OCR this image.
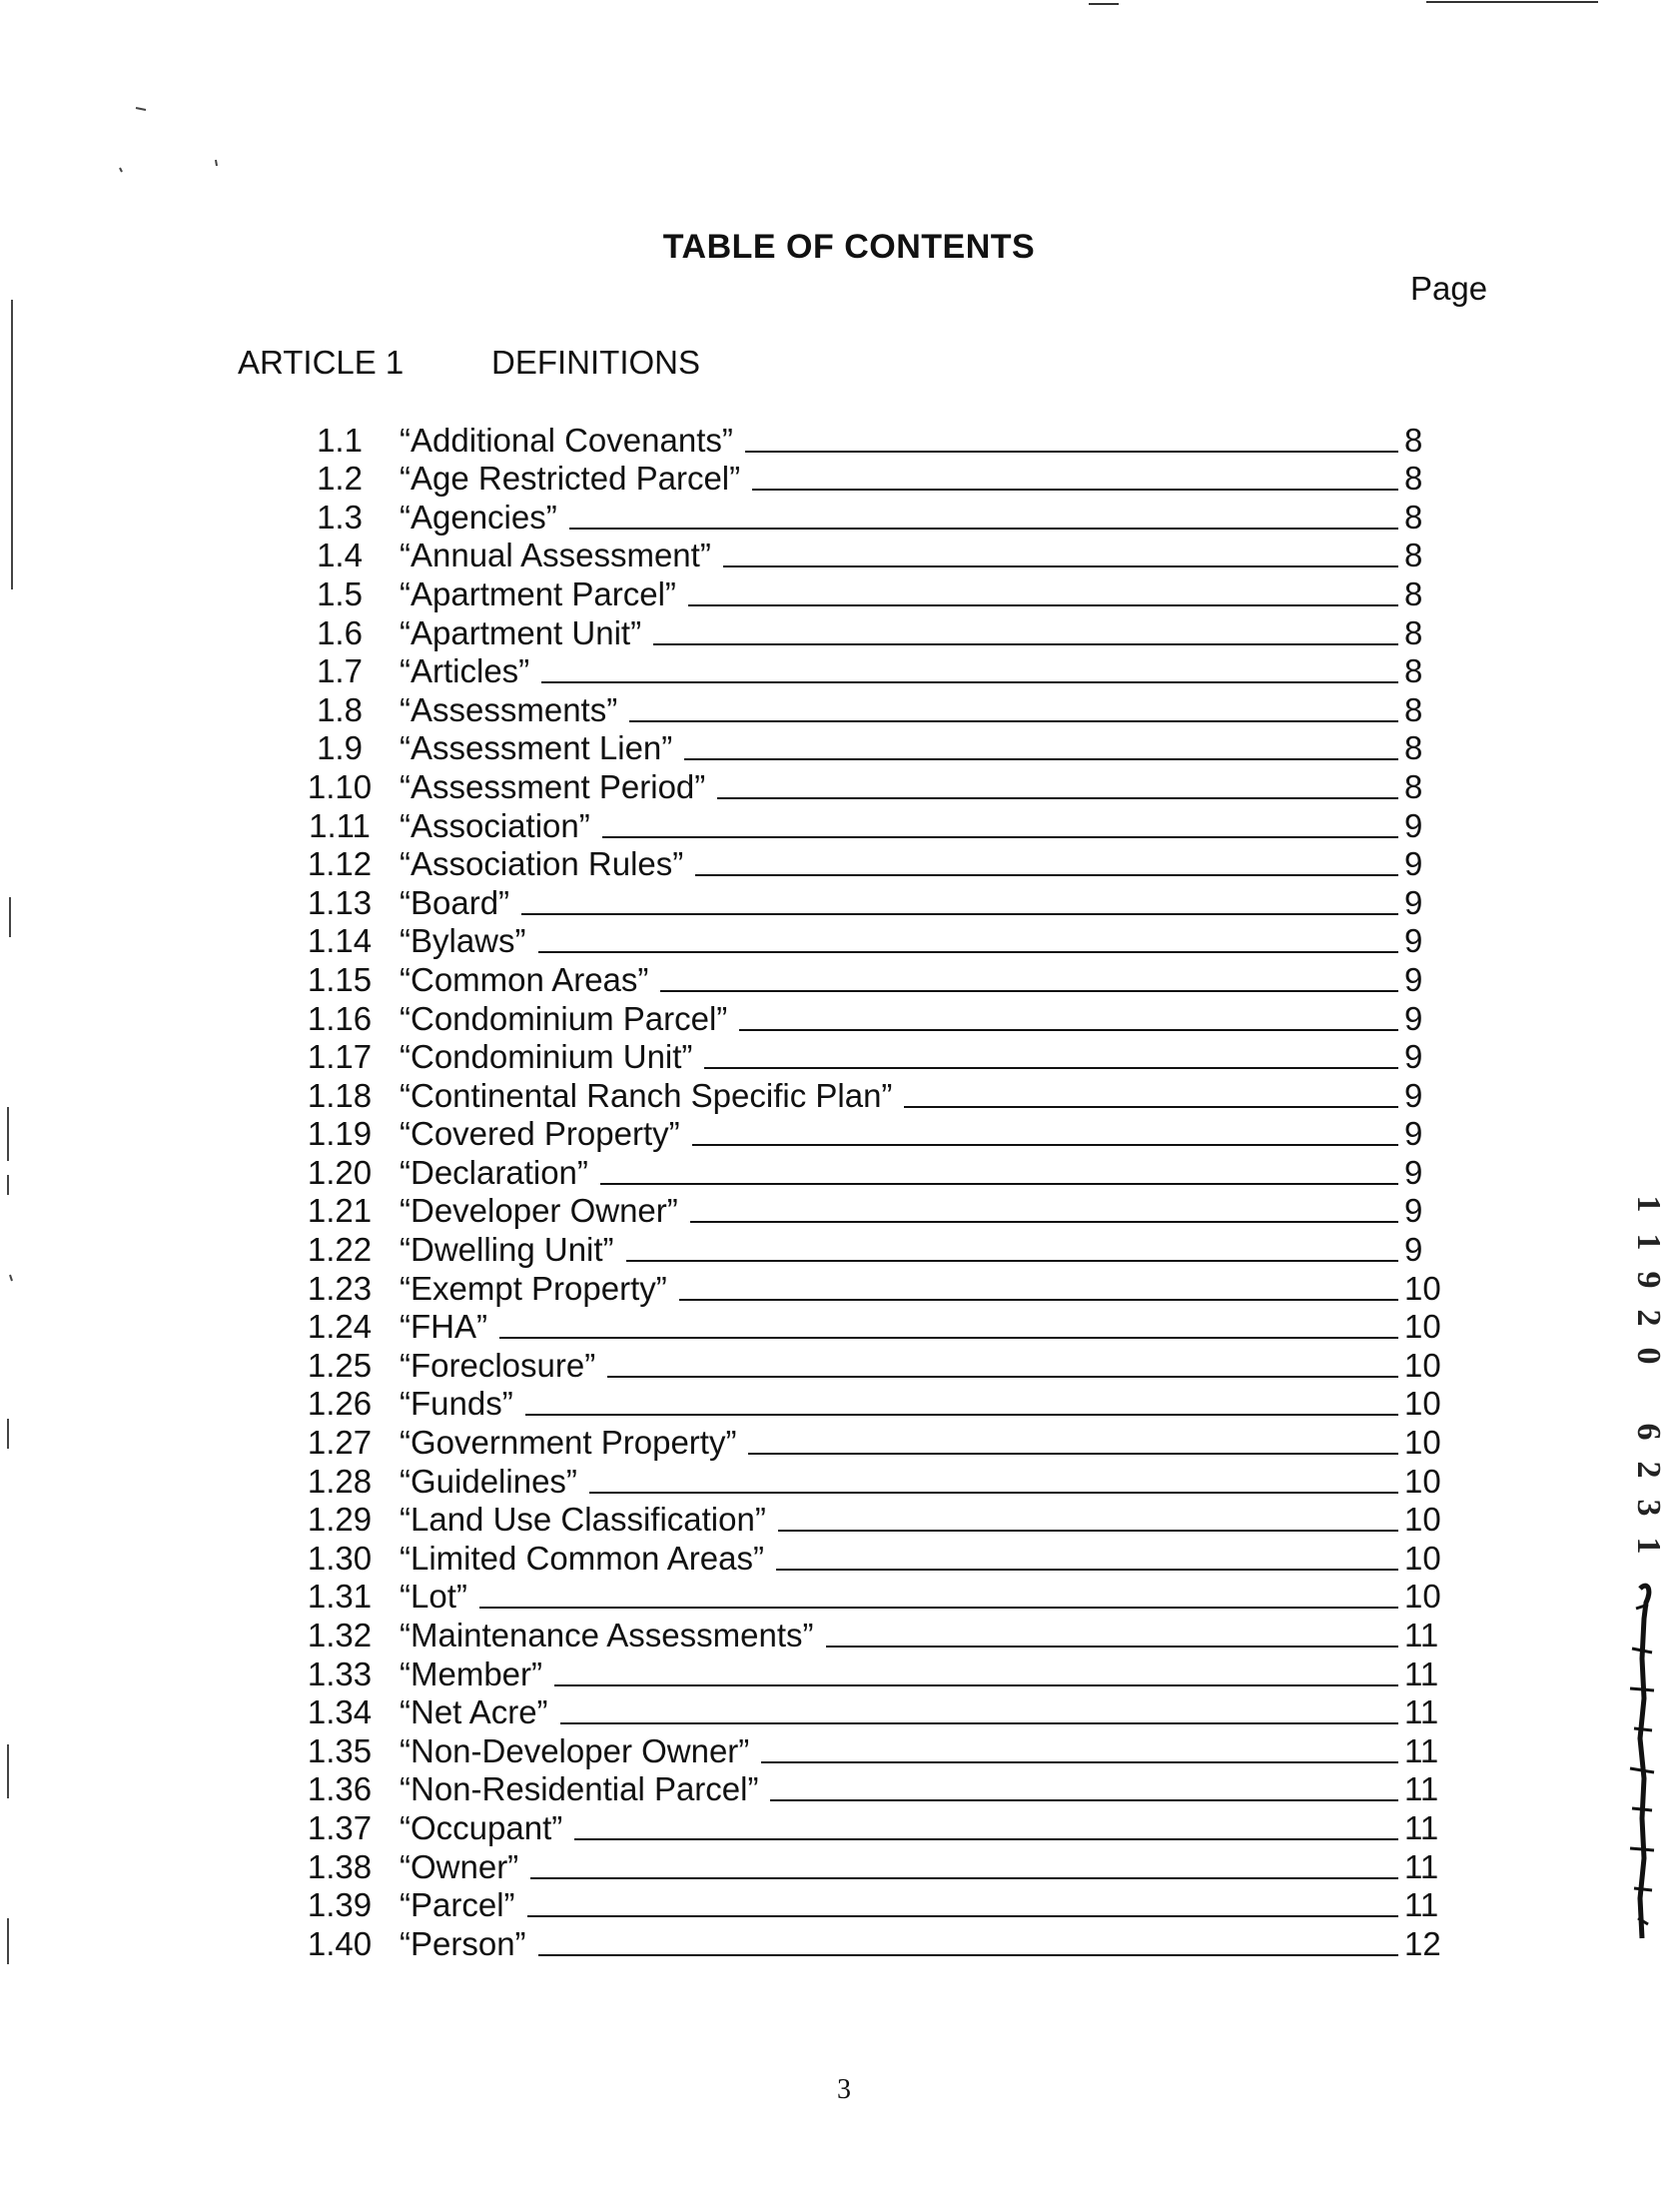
TABLE OF CONTENTS
Page
ARTICLE 1	DEFINITIONS
1.1	“Additional Covenants”	8
1.2	“Age Restricted Parcel”	8
1.3	“Agencies”	8
1.4	“Annual Assessment”	8
1.5	“Apartment Parcel”	8
1.6	“Apartment Unit”	8
1.7	“Articles”	8
1.8	“Assessments”	8
1.9	“Assessment Lien”	8
1.10 “Assessment Period”	8
1.11 “Association”	9
1.12 “Association Rules”	9
1.13 “Board”	9
1.14 “Bylaws”	9
1.15 “Common Areas”	9
1.16 “Condominium Parcel”	9
1.17 “Condominium Unit”	9
1.18 “Continental Ranch Specific Plan”	9
1.19 “Covered Property”	9
1.20 “Declaration”	9
1.21 “Developer Owner”	9
1.22 “Dwelling Unit”	9
1.23 “Exempt Property”	10
1.24 “FHA”	10
1.25 “Foreclosure”	10
1.26 “Funds”	10
1.27 “Government Property”	10
1.28 “Guidelines”	10
1.29 “Land Use Classification”	10
1.30 “Limited Common Areas”	10
1.31 “Lot”	10
1.32 “Maintenance Assessments”	11
1.33 “Member”	11
1.34 “Net Acre”	11
1.35 “Non-Developer Owner”	11
1.36 “Non-Residential Parcel”	11
1.37 “Occupant”	11
1.38 “Owner”	11
1.39 “Parcel”	11
1.40 “Person”	12
3
1
1
9
2
0
6
2
3
1
